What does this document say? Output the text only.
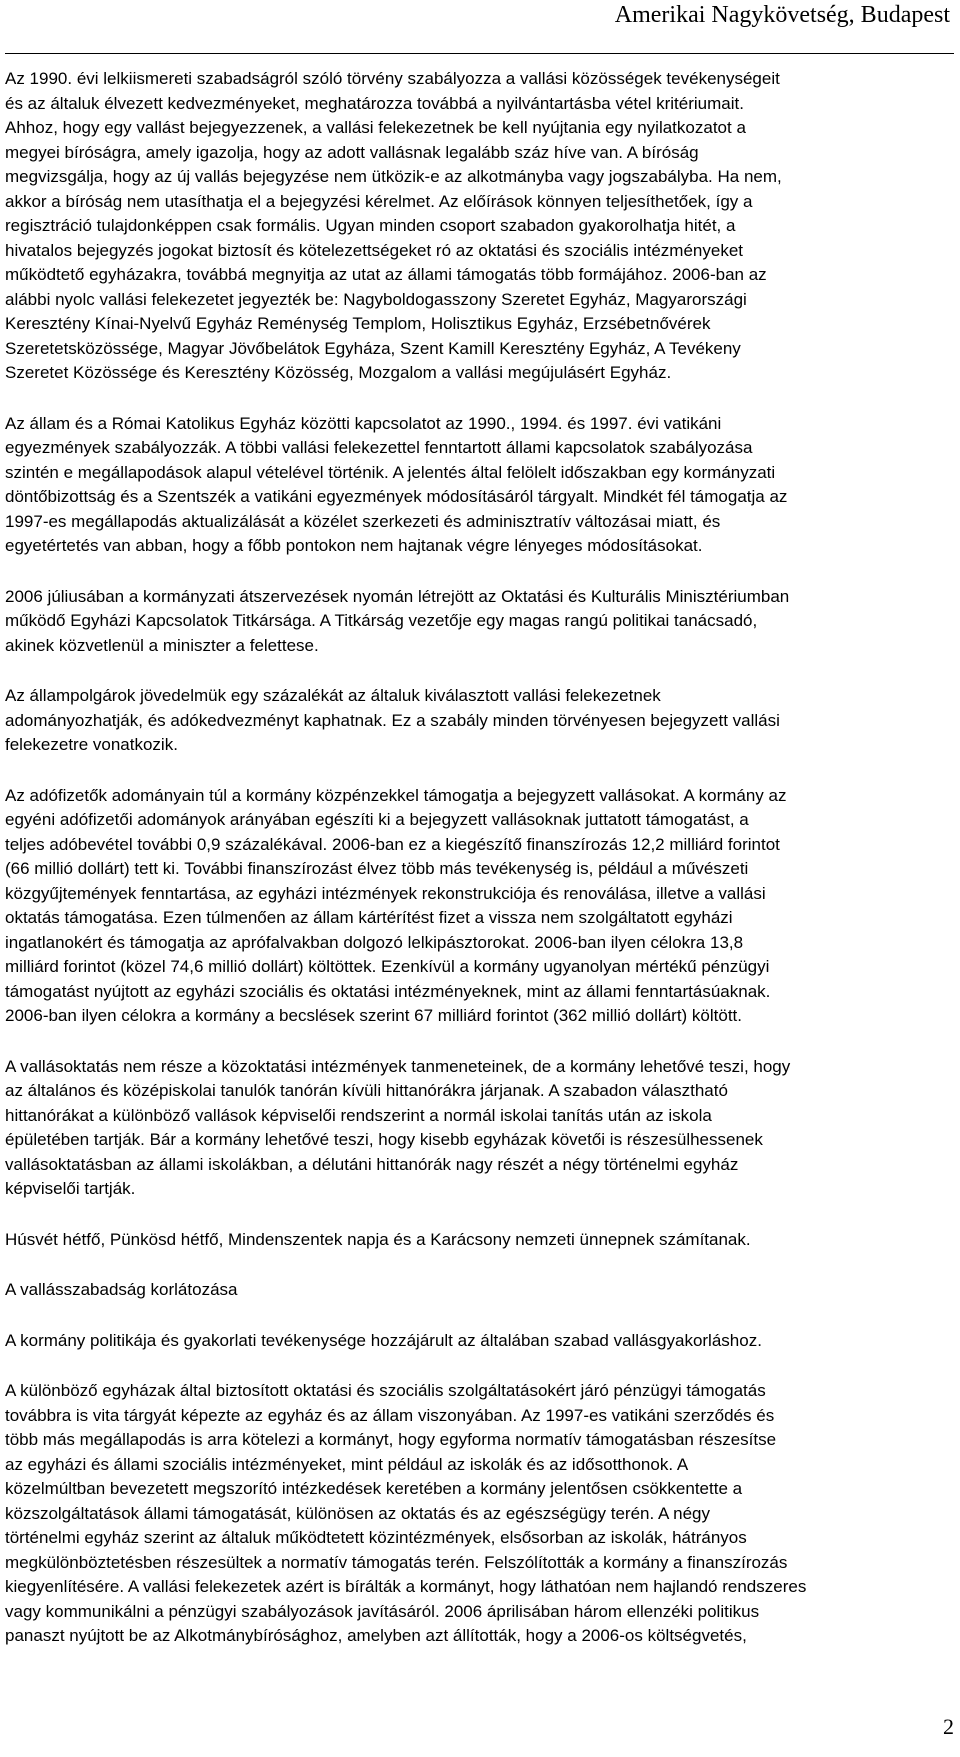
Amerikai Nagykövetség, Budapest

Az 1990. évi lelkiismereti szabadságról szóló törvény szabályozza a vallási közösségek tevékenységeit
és az általuk élvezett kedvezményeket, meghatározza továbbá a nyilvántartásba vétel kritériumait.
Ahhoz, hogy egy vallást bejegyezzenek, a vallási felekezetnek be kell nyújtania egy nyilatkozatot a
megyei bíróságra, amely igazolja, hogy az adott vallásnak legalább száz híve van. A bíróság
megvizsgálja, hogy az új vallás bejegyzése nem ütközik-e az alkotmányba vagy jogszabályba. Ha nem,
akkor a bíróság nem utasíthatja el a bejegyzési kérelmet. Az előírások könnyen teljesíthetőek, így a
regisztráció tulajdonképpen csak formális. Ugyan minden csoport szabadon gyakorolhatja hitét, a
hivatalos bejegyzés jogokat biztosít és kötelezettségeket ró az oktatási és szociális intézményeket
működtető egyházakra, továbbá megnyitja az utat az állami támogatás több formájához. 2006-ban az
alábbi nyolc vallási felekezetet jegyezték be: Nagyboldogasszony Szeretet Egyház, Magyarországi
Keresztény Kínai-Nyelvű Egyház Reménység Templom, Holisztikus Egyház, Erzsébetnővérek
Szeretetsközössége, Magyar Jövőbelátok Egyháza, Szent Kamill Keresztény Egyház, A Tevékeny
Szeretet Közössége és Keresztény Közösség, Mozgalom a vallási megújulásért Egyház.

Az állam és a Római Katolikus Egyház közötti kapcsolatot az 1990., 1994. és 1997. évi vatikáni
egyezmények szabályozzák. A többi vallási felekezettel fenntartott állami kapcsolatok szabályozása
szintén e megállapodások alapul vételével történik. A jelentés által felölelt időszakban egy kormányzati
döntőbizottság és a Szentszék a vatikáni egyezmények módosításáról tárgyalt. Mindkét fél támogatja az
1997-es megállapodás aktualizálását a közélet szerkezeti és adminisztratív változásai miatt, és
egyetértetés van abban, hogy a főbb pontokon nem hajtanak végre lényeges módosításokat.

2006 júliusában a kormányzati átszervezések nyomán létrejött az Oktatási és Kulturális Minisztériumban
működő Egyházi Kapcsolatok Titkársága. A Titkárság vezetője egy magas rangú politikai tanácsadó,
akinek közvetlenül a miniszter a felettese.

Az állampolgárok jövedelmük egy százalékát az általuk kiválasztott vallási felekezetnek
adományozhatják, és adókedvezményt kaphatnak. Ez a szabály minden törvényesen bejegyzett vallási
felekezetre vonatkozik.

Az adófizetők adományain túl a kormány közpénzekkel támogatja a bejegyzett vallásokat. A kormány az
egyéni adófizetői adományok arányában egészíti ki a bejegyzett vallásoknak juttatott támogatást, a
teljes adóbevétel további 0,9 százalékával. 2006-ban ez a kiegészítő finanszírozás 12,2 milliárd forintot
(66 millió dollárt) tett ki. További finanszírozást élvez több más tevékenység is, például a művészeti
közgyűjtemények fenntartása, az egyházi intézmények rekonstrukciója és renoválása, illetve a vallási
oktatás támogatása. Ezen túlmenően az állam kártérítést fizet a vissza nem szolgáltatott egyházi
ingatlanokért és támogatja az aprófalvakban dolgozó lelkipásztorokat. 2006-ban ilyen célokra 13,8
milliárd forintot (közel 74,6 millió dollárt) költöttek. Ezenkívül a kormány ugyanolyan mértékű pénzügyi
támogatást nyújtott az egyházi szociális és oktatási intézményeknek, mint az állami fenntartásúaknak.
2006-ban ilyen célokra a kormány a becslések szerint 67 milliárd forintot (362 millió dollárt) költött.

A vallásoktatás nem része a közoktatási intézmények tanmeneteinek, de a kormány lehetővé teszi, hogy
az általános és középiskolai tanulók tanórán kívüli hittanórákra járjanak. A szabadon választható
hittanórákat a különböző vallások képviselői rendszerint a normál iskolai tanítás után az iskola
épületében tartják. Bár a kormány lehetővé teszi, hogy kisebb egyházak követői is részesülhessenek
vallásoktatásban az állami iskolákban, a délutáni hittanórák nagy részét a négy történelmi egyház
képviselői tartják.

Húsvét hétfő, Pünkösd hétfő, Mindenszentek napja és a Karácsony nemzeti ünnepnek számítanak.

A vallásszabadság korlátozása

A kormány politikája és gyakorlati tevékenysége hozzájárult az általában szabad vallásgyakorláshoz.

A különböző egyházak által biztosított oktatási és szociális szolgáltatásokért járó pénzügyi támogatás
továbbra is vita tárgyát képezte az egyház és az állam viszonyában. Az 1997-es vatikáni szerződés és
több más megállapodás is arra kötelezi a kormányt, hogy egyforma normatív támogatásban részesítse
az egyházi és állami szociális intézményeket, mint például az iskolák és az idősotthonok. A
közelmúltban bevezetett megszorító intézkedések keretében a kormány jelentősen csökkentette a
közszolgáltatások állami támogatását, különösen az oktatás és az egészségügy terén. A négy
történelmi egyház szerint az általuk működtetett közintézmények, elsősorban az iskolák, hátrányos
megkülönböztetésben részesültek a normatív támogatás terén. Felszólították a kormány a finanszírozás
kiegyenlítésére. A vallási felekezetek azért is bírálták a kormányt, hogy láthatóan nem hajlandó rendszeres
vagy kommunikálni a pénzügyi szabályozások javításáról. 2006 áprilisában három ellenzéki politikus
panaszt nyújtott be az Alkotmánybírósághoz, amelyben azt állították, hogy a 2006-os költségvetés,

2
